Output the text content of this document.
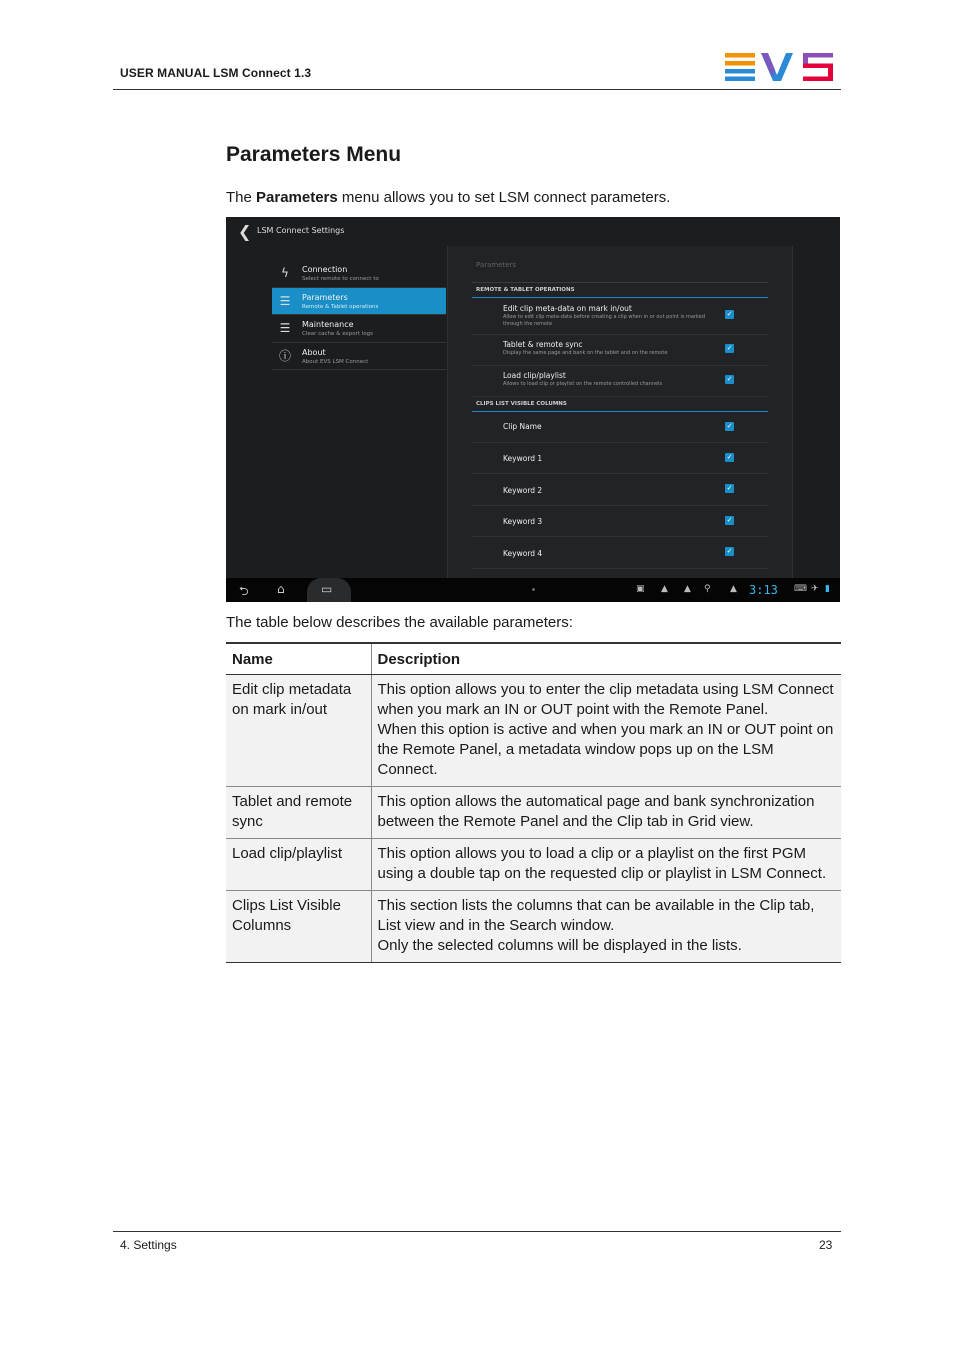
USER MANUAL LSM Connect 1.3
Parameters Menu

The Parameters menu allows you to set LSM connect parameters.

❮ LSM Connect Settings
ϟ	Connection
Select remote to connect to
☰	Parameters
Remote & Tablet operations
☰	Maintenance
Clear cache & export logs
ⓘ About
About EVS LSM Connect
Parameters
REMOTE & TABLET OPERATIONS
Edit clip meta-data on mark in/out
Allow to edit clip meta-data before creating a clip when in or out point is marked through the remote
✓
Tablet & remote sync
Display the same page and bank on the tablet and on the remote
✓
Load clip/playlist
Allows to load clip or playlist on the remote controlled channels
✓
CLIPS LIST VISIBLE COLUMNS
Clip Name	✓
Keyword 1	✓
Keyword 2	✓
Keyword 3	✓
Keyword 4	✓
⮌ ⌂	▭	▣ ▲ ▲ ⚲ ▲ 3:13 ⌨ ✈ ▮

The table below describes the available parameters:

Name	Description
Edit clip metadata on mark in/out	This option allows you to enter the clip metadata using LSM Connect when you mark an IN or OUT point with the Remote Panel.
When this option is active and when you mark an IN or OUT point on the Remote Panel, a metadata window pops up on the LSM Connect.

Tablet and remote sync	This option allows the automatical page and bank synchronization between the Remote Panel and the Clip tab in Grid view.

Load clip/playlist	This option allows you to load a clip or a playlist on the first PGM using a double tap on the requested clip or playlist in LSM Connect.

Clips List Visible Columns	This section lists the columns that can be available in the Clip tab, List view and in the Search window.
Only the selected columns will be displayed in the lists.
4. Settings	23
